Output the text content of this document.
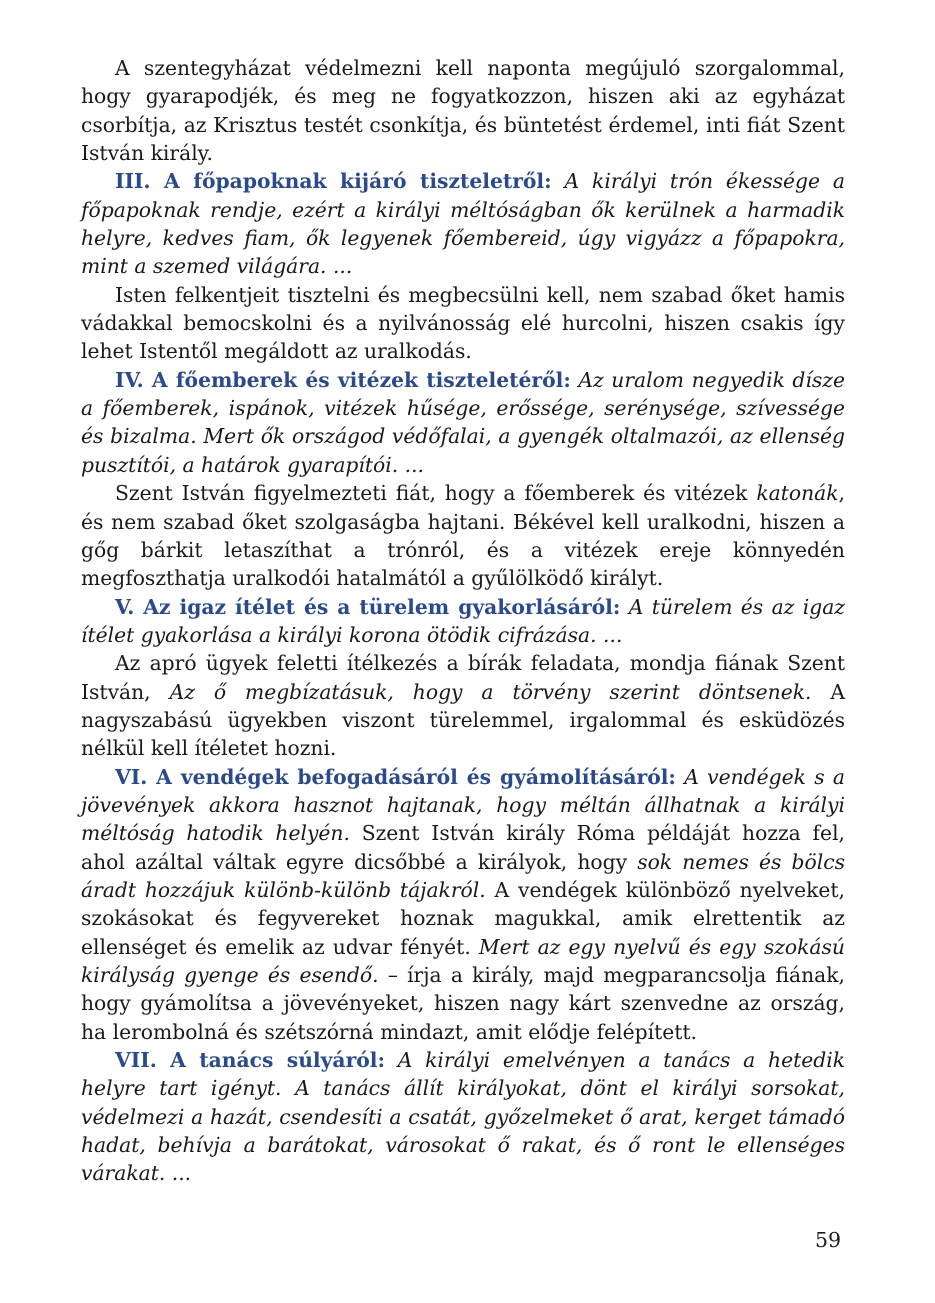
A szentegyházat védelmezni kell naponta megújuló szorgalommal, hogy gyarapodjék, és meg ne fogyatkozzon, hiszen aki az egyházat csorbítja, az Krisztus testét csonkítja, és büntetést érdemel, inti fiát Szent István király.

III. A főpapoknak kijáró tiszteletről: A királyi trón ékessége a főpapoknak rendje, ezért a királyi méltóságban ők kerülnek a harmadik helyre, kedves fiam, ők legyenek főembereid, úgy vigyázz a főpapokra, mint a szemed világára. ...

Isten felkentjeit tisztelni és megbecsülni kell, nem szabad őket hamis vádakkal bemocskolni és a nyilvánosság elé hurcolni, hiszen csakis így lehet Istentől megáldott az uralkodás.

IV. A főemberek és vitézek tiszteletéről: Az uralom negyedik dísze a főemberek, ispánok, vitézek hűsége, erőssége, serénysége, szívessége és bizalma. Mert ők országod védőfalai, a gyengék oltalmazói, az ellenség pusztítói, a határok gyarapítói. ...

Szent István figyelmezteti fiát, hogy a főemberek és vitézek katonák, és nem szabad őket szolgaságba hajtani. Békével kell uralkodni, hiszen a gőg bárkit letaszíthat a trónról, és a vitézek ereje könnyedén megfoszthatja uralkodói hatalmától a gyűlölködő királyt.

V. Az igaz ítélet és a türelem gyakorlásáról: A türelem és az igaz ítélet gyakorlása a királyi korona ötödik cifrázása. ...

Az apró ügyek feletti ítélkezés a bírák feladata, mondja fiának Szent István, Az ő megbízatásuk, hogy a törvény szerint döntsenek. A nagyszabású ügyekben viszont türelemmel, irgalommal és esküdözés nélkül kell ítéletet hozni.

VI. A vendégek befogadásáról és gyámolításáról: A vendégek s a jövevények akkora hasznot hajtanak, hogy méltán állhatnak a királyi méltóság hatodik helyén. Szent István király Róma példáját hozza fel, ahol azáltal váltak egyre dicsőbbé a királyok, hogy sok nemes és bölcs áradt hozzájuk különb-különb tájakról. A vendégek különböző nyelveket, szokásokat és fegyvereket hoznak magukkal, amik elrettentik az ellenséget és emelik az udvar fényét. Mert az egy nyelvű és egy szokású királyság gyenge és esendő. – írja a király, majd megparancsolja fiának, hogy gyámolítsa a jövevényeket, hiszen nagy kárt szenvedne az ország, ha lerombolná és szétszórná mindazt, amit elődje felépített.

VII. A tanács súlyáról: A királyi emelvényen a tanács a hetedik helyre tart igényt. A tanács állít királyokat, dönt el királyi sorsokat, védelmezi a hazát, csendesíti a csatát, győzelmeket ő arat, kerget támadó hadat, behívja a barátokat, városokat ő rakat, és ő ront le ellenséges várakat. ...

59
